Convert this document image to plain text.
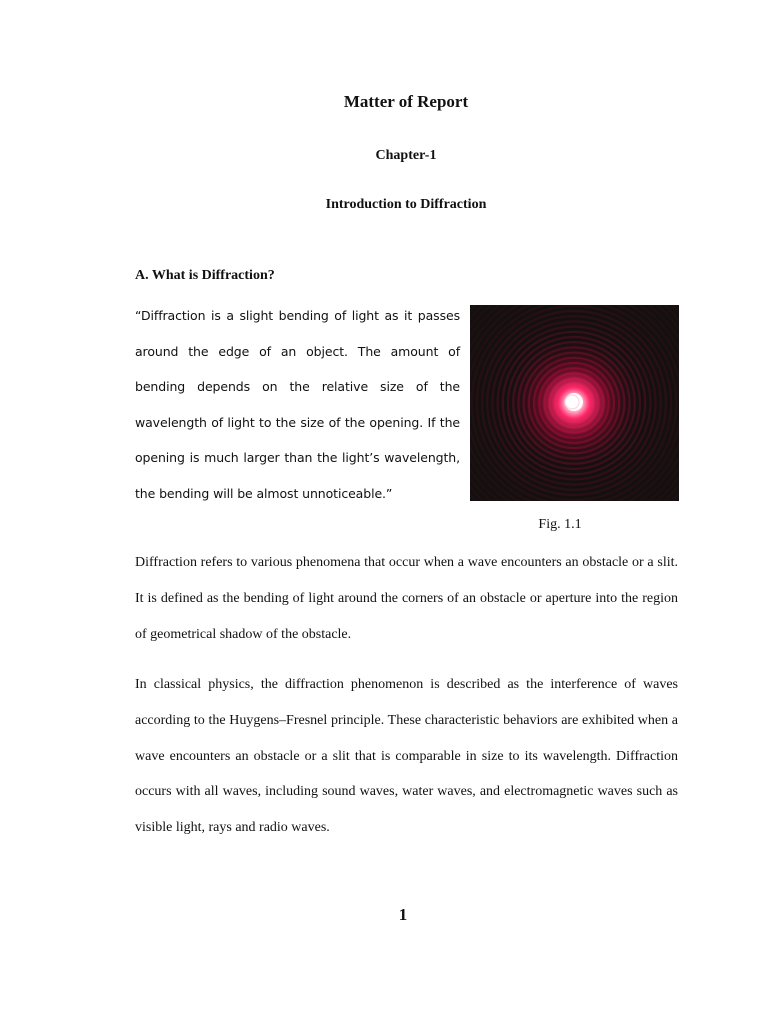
Matter of Report
Chapter-1
Introduction to Diffraction
A. What is Diffraction?

“Diffraction is a slight bending of light as it passes around the edge of an object. The amount of bending depends on the relative size of the wavelength of light to the size of the opening. If the opening is much larger than the light’s wavelength, the bending will be almost unnoticeable.”

Fig. 1.1

Diffraction refers to various phenomena that occur when a wave encounters an obstacle or a slit. It is defined as the bending of light around the corners of an obstacle or aperture into the region of geometrical shadow of the obstacle.

In classical physics, the diffraction phenomenon is described as the interference of waves according to the Huygens–Fresnel principle. These characteristic behaviors are exhibited when a wave encounters an obstacle or a slit that is comparable in size to its wavelength. Diffraction occurs with all waves, including sound waves, water waves, and electromagnetic waves such as visible light, rays and radio waves.

1
